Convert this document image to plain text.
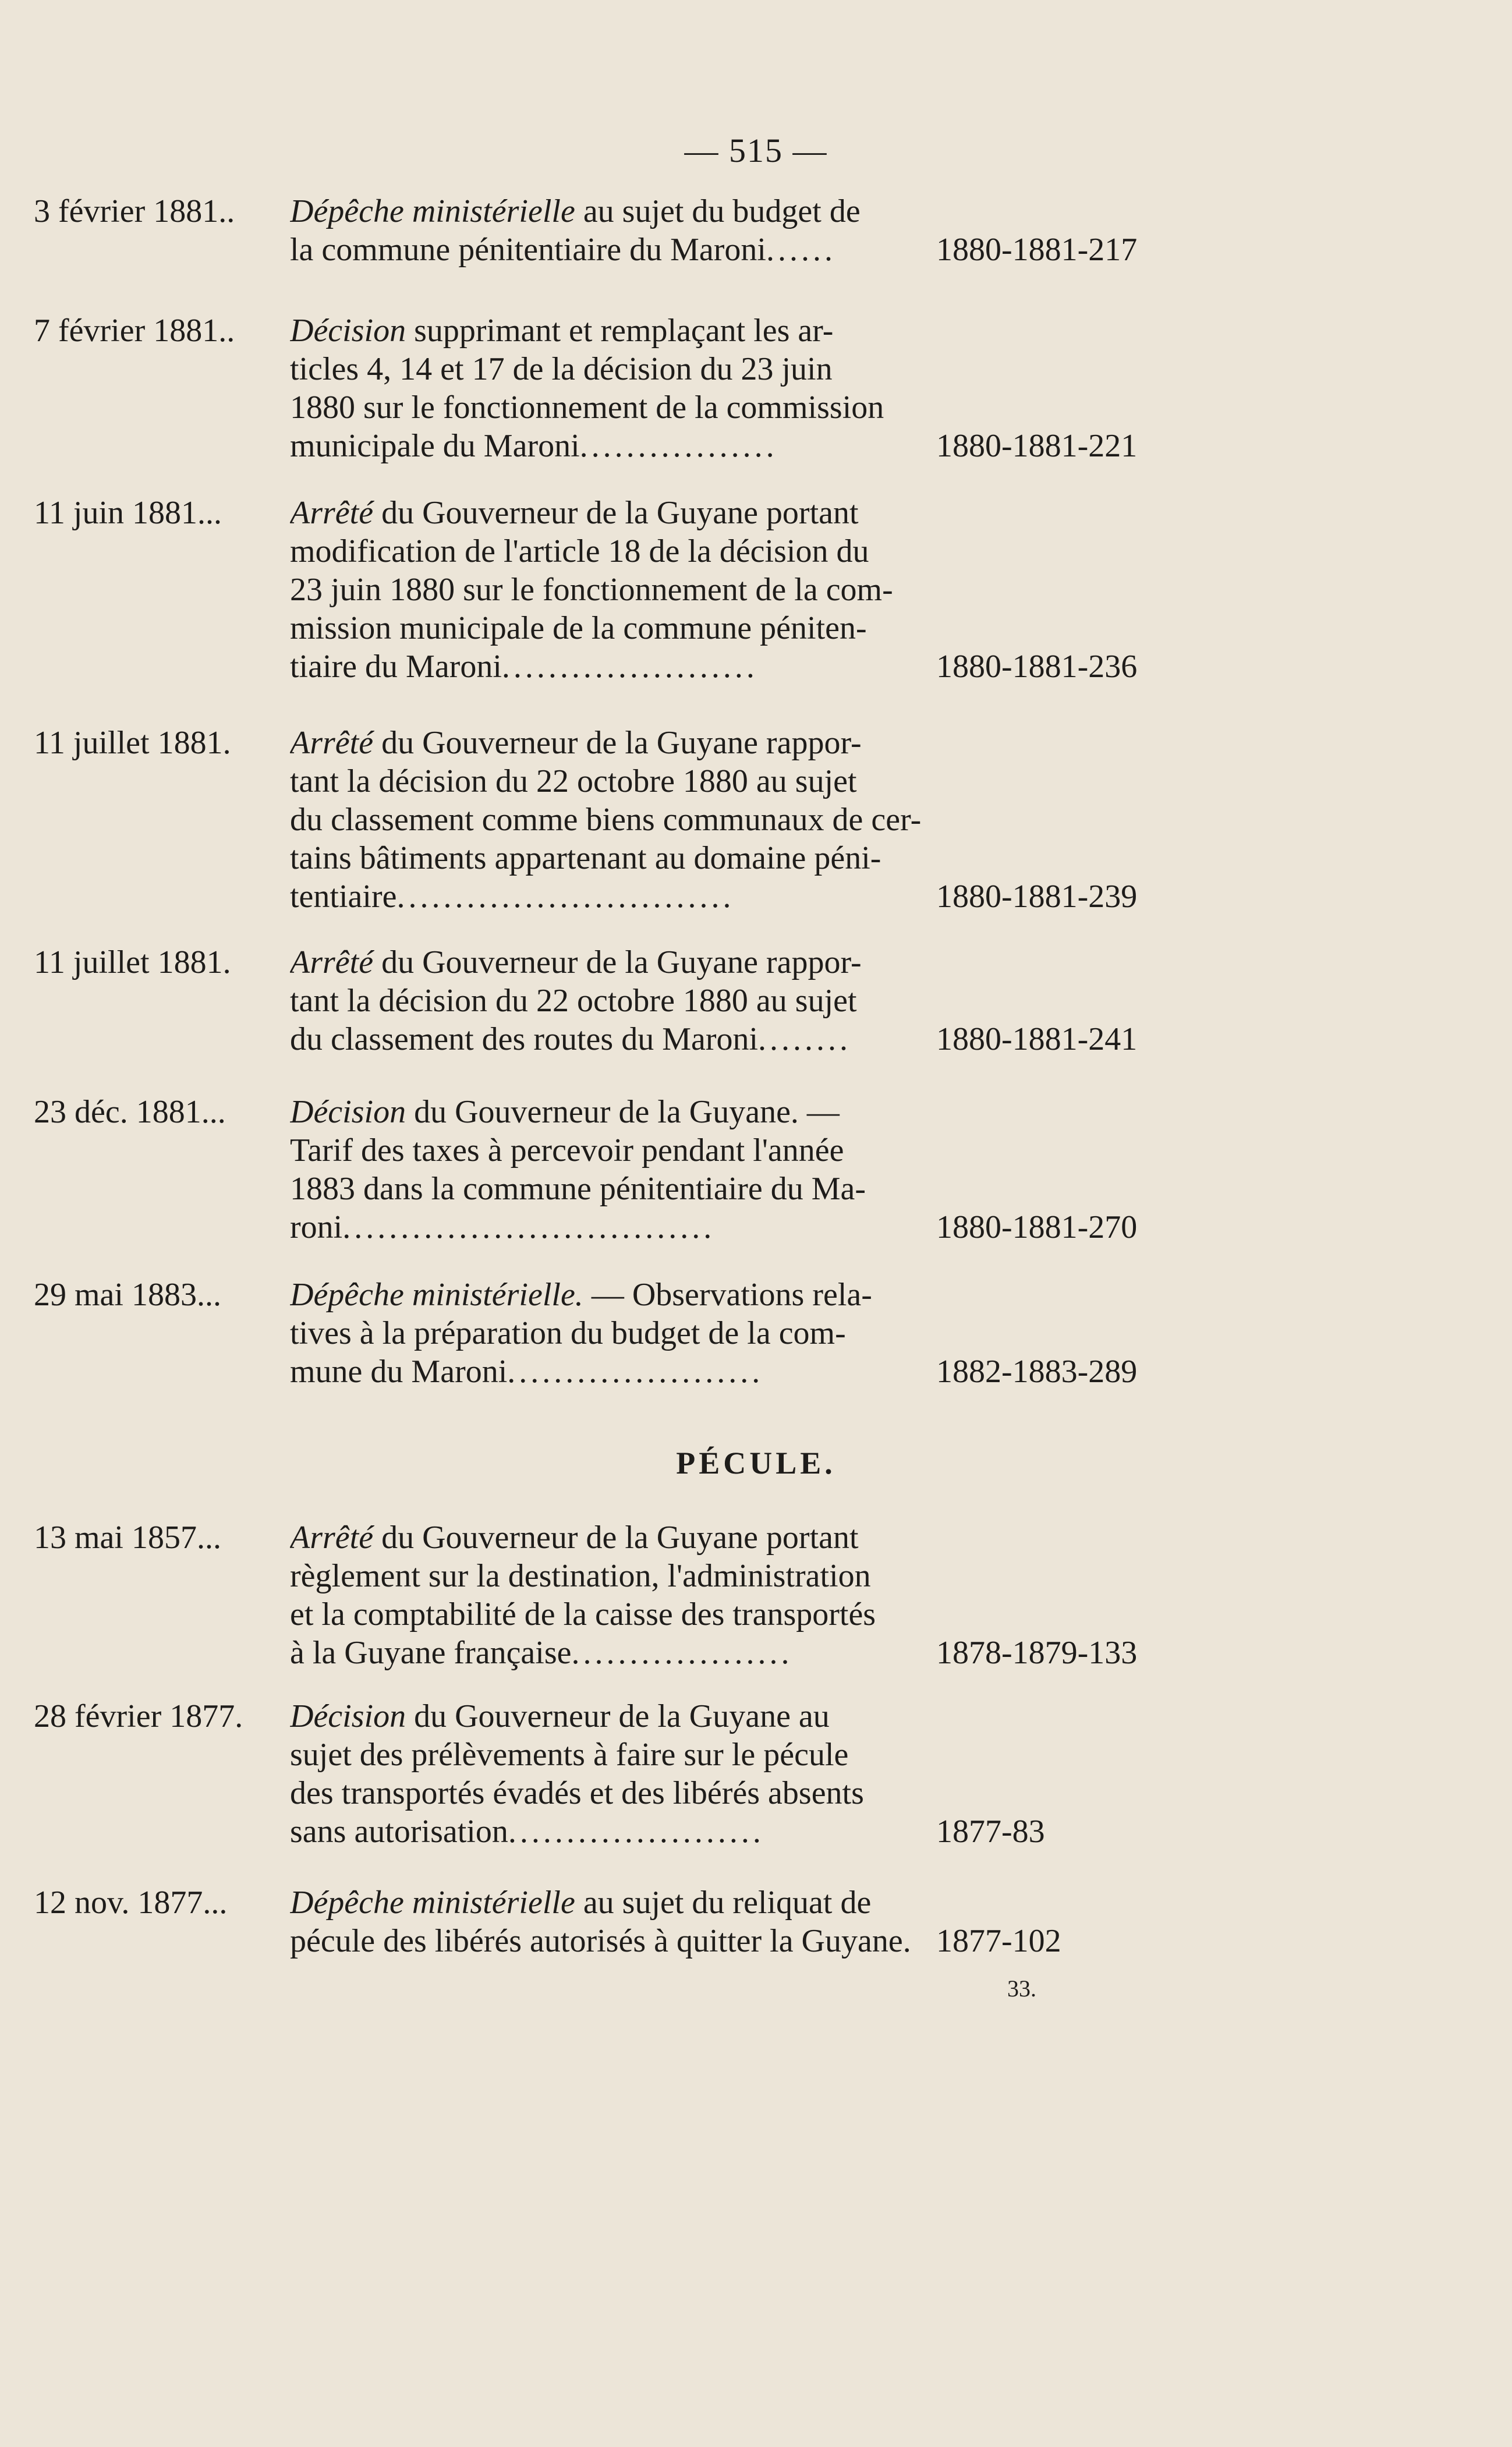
— 515 —
3 février 1881..	Dépêche ministérielle au sujet du budget de
la commune pénitentiaire du Maroni......	1880-1881-217
7 février 1881..	Décision supprimant et remplaçant les ar-
ticles 4, 14 et 17 de la décision du 23 juin
1880 sur le fonctionnement de la commission
municipale du Maroni.................	1880-1881-221
11 juin 1881...	Arrêté du Gouverneur de la Guyane portant
modification de l'article 18 de la décision du
23 juin 1880 sur le fonctionnement de la com-
mission municipale de la commune péniten-
tiaire du Maroni......................	1880-1881-236
11 juillet 1881.	Arrêté du Gouverneur de la Guyane rappor-
tant la décision du 22 octobre 1880 au sujet
du classement comme biens communaux de cer-
tains bâtiments appartenant au domaine péni-
tentiaire.............................	1880-1881-239
11 juillet 1881.	Arrêté du Gouverneur de la Guyane rappor-
tant la décision du 22 octobre 1880 au sujet
du classement des routes du Maroni........	1880-1881-241
23 déc. 1881...	Décision du Gouverneur de la Guyane. —
Tarif des taxes à percevoir pendant l'année
1883 dans la commune pénitentiaire du Ma-
roni................................	1880-1881-270
29 mai 1883...	Dépêche ministérielle. — Observations rela-
tives à la préparation du budget de la com-
mune du Maroni......................	1882-1883-289
PÉCULE.
13 mai 1857...	Arrêté du Gouverneur de la Guyane portant
règlement sur la destination, l'administration
et la comptabilité de la caisse des transportés
à la Guyane française...................	1878-1879-133
28 février 1877.	Décision du Gouverneur de la Guyane au
sujet des prélèvements à faire sur le pécule
des transportés évadés et des libérés absents
sans autorisation......................	1877-83
12 nov. 1877...	Dépêche ministérielle au sujet du reliquat de
pécule des libérés autorisés à quitter la Guyane. 1877-102
33.
